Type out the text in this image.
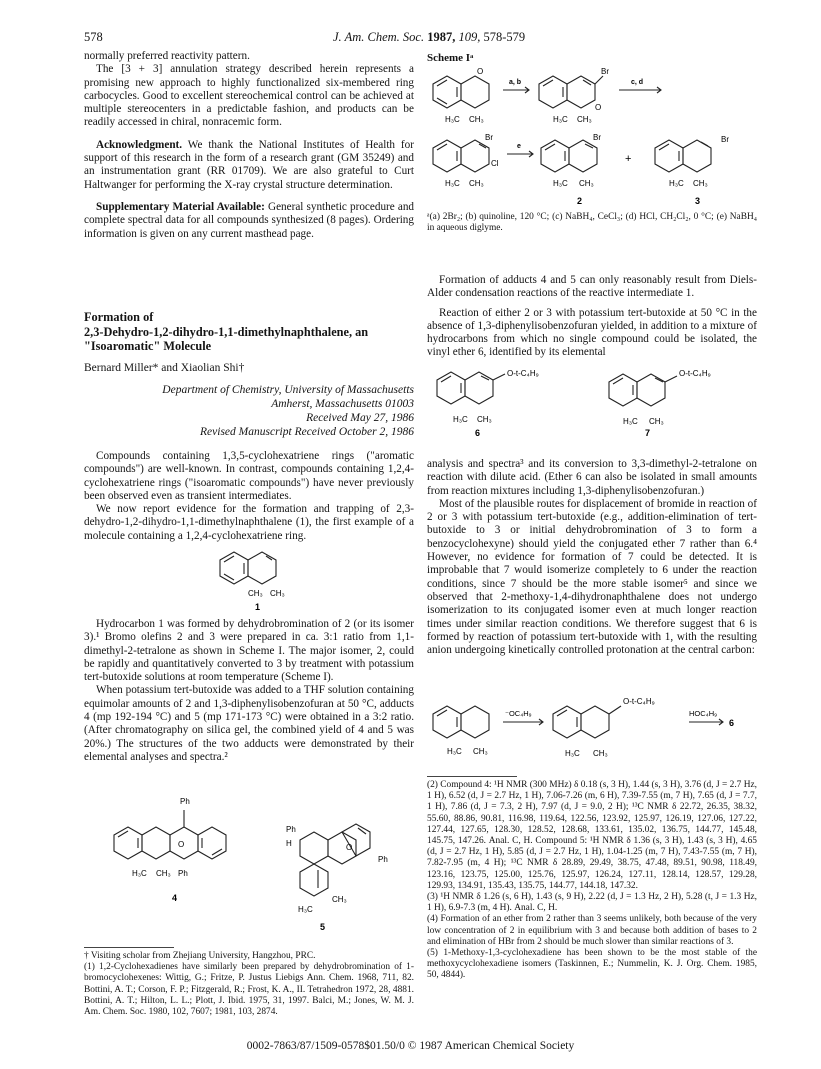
578	J. Am. Chem. Soc. 1987, 109, 578-579

normally preferred reactivity pattern.

The [3 + 3] annulation strategy described herein represents a promising new approach to highly functionalized six-membered ring carbocycles. Good to excellent stereochemical control can be achieved at multiple stereocenters in a predictable fashion, and products can be readily accessed in chiral, nonracemic form.

Acknowledgment. We thank the National Institutes of Health for support of this research in the form of a research grant (GM 35249) and an instrumentation grant (RR 01709). We are also grateful to Curt Haltwanger for performing the X-ray crystal structure determination.

Supplementary Material Available: General synthetic procedure and complete spectral data for all compounds synthesized (8 pages). Ordering information is given on any current masthead page.

Formation of
2,3-Dehydro-1,2-dihydro-1,1-dimethylnaphthalene, an
"Isoaromatic" Molecule
Bernard Miller* and Xiaolian Shi†
Department of Chemistry, University of Massachusetts
Amherst, Massachusetts 01003
Received May 27, 1986
Revised Manuscript Received October 2, 1986

Compounds containing 1,3,5-cyclohexatriene rings ("aromatic compounds") are well-known. In contrast, compounds containing 1,2,4-cyclohexatriene rings ("isoaromatic compounds") have never previously been observed even as transient intermediates.

We now report evidence for the formation and trapping of 2,3-dehydro-1,2-dihydro-1,1-dimethylnaphthalene (1), the first example of a molecule containing a 1,2,4-cyclohexatriene ring.

CH₃ CH₃
1

Hydrocarbon 1 was formed by dehydrobromination of 2 (or its isomer 3).¹ Bromo olefins 2 and 3 were prepared in ca. 3:1 ratio from 1,1-dimethyl-2-tetralone as shown in Scheme I. The major isomer, 2, could be rapidly and quantitatively converted to 3 by treatment with potassium tert-butoxide solutions at room temperature (Scheme I).

When potassium tert-butoxide was added to a THF solution containing equimolar amounts of 2 and 1,3-diphenylisobenzofuran at 50 °C, adducts 4 (mp 192-194 °C) and 5 (mp 171-173 °C) were obtained in a 3:2 ratio. (After chromatography on silica gel, the combined yield of 4 and 5 was 20%.) The structures of the two adducts were demonstrated by their elemental analyses and spectra.²

Ph
O
H₃C CH₃ Ph
4
Ph
H	O
Ph
H₃C
CH₃
5

† Visiting scholar from Zhejiang University, Hangzhou, PRC.

(1) 1,2-Cyclohexadienes have similarly been prepared by dehydrobromination of 1-bromocyclohexenes: Wittig, G.; Fritze, P. Justus Liebigs Ann. Chem. 1968, 711, 82. Bottini, A. T.; Corson, F. P.; Fitzgerald, R.; Frost, K. A., II. Tetrahedron 1972, 28, 4881. Bottini, A. T.; Hilton, L. L.; Plott, J. Ibid. 1975, 31, 1997. Balci, M.; Jones, W. M. J. Am. Chem. Soc. 1980, 102, 7607; 1981, 103, 2874.

Scheme Iᵃ
O
H₃C CH₃
a, b
Br
O
H₃C CH₃
c, d
Br
Cl
H₃C CH₃
e
Br
H₃C CH₃
2
+
Br
H₃C CH₃
3
ᵃ(a) 2Br₂; (b) quinoline, 120 °C; (c) NaBH₄, CeCl₃; (d) HCl, CH₂Cl₂, 0 °C; (e) NaBH₄ in aqueous diglyme.

Formation of adducts 4 and 5 can only reasonably result from Diels-Alder condensation reactions of the reactive intermediate 1.

Reaction of either 2 or 3 with potassium tert-butoxide at 50 °C in the absence of 1,3-diphenylisobenzofuran yielded, in addition to a mixture of hydrocarbons from which no single compound could be isolated, the vinyl ether 6, identified by its elemental

O-t-C₄H₉
H₃C CH₃
6
O-t-C₄H₉
H₃C CH₃
7

analysis and spectra³ and its conversion to 3,3-dimethyl-2-tetralone on reaction with dilute acid. (Ether 6 can also be isolated in small amounts from reaction mixtures including 1,3-diphenylisobenzofuran.)

Most of the plausible routes for displacement of bromide in reaction of 2 or 3 with potassium tert-butoxide (e.g., addition-elimination of tert-butoxide to 3 or initial dehydrobromination of 3 to form a benzocyclohexyne) should yield the conjugated ether 7 rather than 6.⁴ However, no evidence for formation of 7 could be detected. It is improbable that 7 would isomerize completely to 6 under the reaction conditions, since 7 should be the more stable isomer⁵ and since we observed that 2-methoxy-1,4-dihydronaphthalene does not undergo isomerization to its conjugated isomer even at much longer reaction times under similar reaction conditions. We therefore suggest that 6 is formed by reaction of potassium tert-butoxide with 1, with the resulting anion undergoing kinetically controlled protonation at the central carbon:

H₃C CH₃
⁻OC₄H₉
O-t-C₄H₉
H₃C CH₃
HOC₄H₉
6

(2) Compound 4: ¹H NMR (300 MHz) δ 0.18 (s, 3 H), 1.44 (s, 3 H), 3.76 (d, J = 2.7 Hz, 1 H), 6.52 (d, J = 2.7 Hz, 1 H), 7.06-7.26 (m, 6 H), 7.39-7.55 (m, 7 H), 7.65 (d, J = 7.7, 1 H), 7.86 (d, J = 7.3, 2 H), 7.97 (d, J = 9.0, 2 H); ¹³C NMR δ 22.72, 26.35, 38.32, 55.60, 88.86, 90.81, 116.98, 119.64, 122.56, 123.92, 125.97, 126.19, 127.06, 127.22, 127.44, 127.65, 128.30, 128.52, 128.68, 133.61, 135.02, 136.75, 144.77, 145.48, 145.75, 147.26. Anal. C, H. Compound 5: ¹H NMR δ 1.36 (s, 3 H), 1.43 (s, 3 H), 4.65 (d, J = 2.7 Hz, 1 H), 5.85 (d, J = 2.7 Hz, 1 H), 1.04-1.25 (m, 7 H), 7.43-7.55 (m, 7 H), 7.82-7.95 (m, 4 H); ¹³C NMR δ 28.89, 29.49, 38.75, 47.48, 89.51, 90.98, 118.49, 123.16, 123.75, 125.00, 125.76, 125.97, 126.24, 127.11, 128.14, 128.57, 129.28, 129.93, 134.91, 135.43, 135.75, 144.77, 144.18, 147.32.

(3) ¹H NMR δ 1.26 (s, 6 H), 1.43 (s, 9 H), 2.22 (d, J = 1.3 Hz, 2 H), 5.28 (t, J = 1.3 Hz, 1 H), 6.9-7.3 (m, 4 H). Anal. C, H.

(4) Formation of an ether from 2 rather than 3 seems unlikely, both because of the very low concentration of 2 in equilibrium with 3 and because both addition of bases to 2 and elimination of HBr from 2 should be much slower than similar reactions of 3.

(5) 1-Methoxy-1,3-cyclohexadiene has been shown to be the most stable of the methoxycyclohexadiene isomers (Taskinnen, E.; Nummelin, K. J. Org. Chem. 1985, 50, 4844).

0002-7863/87/1509-0578$01.50/0 © 1987 American Chemical Society
